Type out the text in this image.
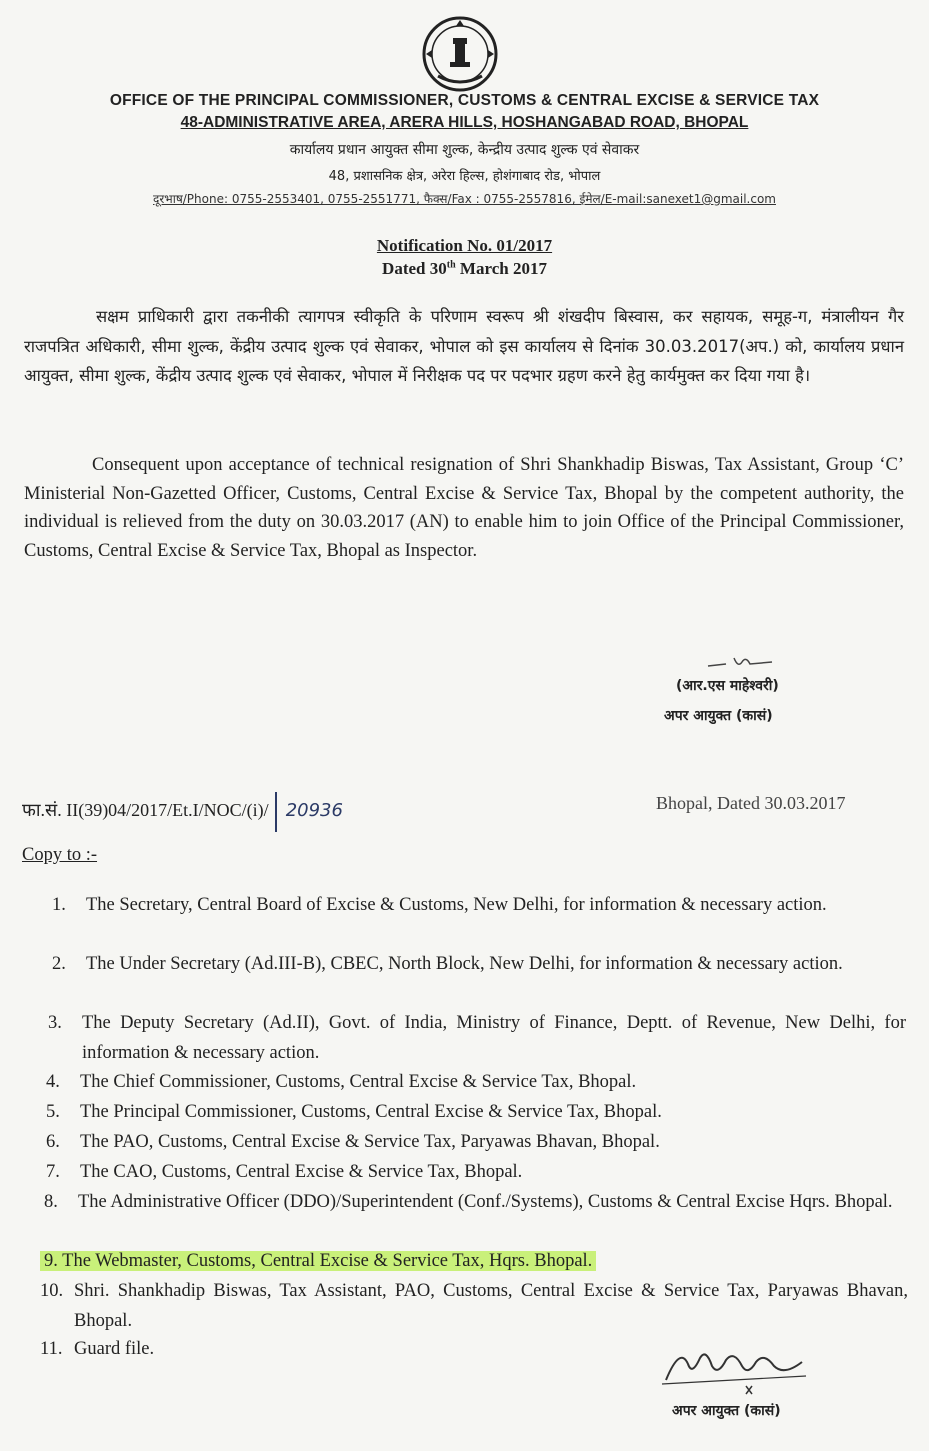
OFFICE OF THE PRINCIPAL COMMISSIONER, CUSTOMS & CENTRAL EXCISE & SERVICE TAX
48-ADMINISTRATIVE AREA, ARERA HILLS, HOSHANGABAD ROAD, BHOPAL
कार्यालय प्रधान आयुक्त सीमा शुल्क, केन्द्रीय उत्पाद शुल्क एवं सेवाकर
48, प्रशासनिक क्षेत्र, अरेरा हिल्स, होशंगाबाद रोड, भोपाल
दूरभाष/Phone: 0755-2553401, 0755-2551771, फैक्स/Fax : 0755-2557816, ईमेल/E-mail:sanexet1@gmail.com
Notification No. 01/2017
Dated 30th March 2017
सक्षम प्राधिकारी द्वारा तकनीकी त्यागपत्र स्वीकृति के परिणाम स्वरूप श्री शंखदीप बिस्वास, कर सहायक, समूह-ग, मंत्रालीयन गैर राजपत्रित अधिकारी, सीमा शुल्क, केंद्रीय उत्पाद शुल्क एवं सेवाकर, भोपाल को इस कार्यालय से दिनांक 30.03.2017(अप.) को, कार्यालय प्रधान आयुक्त, सीमा शुल्क, केंद्रीय उत्पाद शुल्क एवं सेवाकर, भोपाल में निरीक्षक पद पर पदभार ग्रहण करने हेतु कार्यमुक्त कर दिया गया है।
Consequent upon acceptance of technical resignation of Shri Shankhadip Biswas, Tax Assistant, Group ‘C’ Ministerial Non-Gazetted Officer, Customs, Central Excise & Service Tax, Bhopal by the competent authority, the individual is relieved from the duty on 30.03.2017 (AN) to enable him to join Office of the Principal Commissioner, Customs, Central Excise & Service Tax, Bhopal as Inspector.
(आर.एस माहेश्वरी)
अपर आयुक्त (कासं)
फा.सं. II(39)04/2017/Et.I/NOC/(i)/ 20936	Bhopal, Dated 30.03.2017
Copy to :-
1.	The Secretary, Central Board of Excise & Customs, New Delhi, for information & necessary action.
2.	The Under Secretary (Ad.III-B), CBEC, North Block, New Delhi, for information & necessary action.
3.	The Deputy Secretary (Ad.II), Govt. of India, Ministry of Finance, Deptt. of Revenue, New Delhi, for information & necessary action.
4.	The Chief Commissioner, Customs, Central Excise & Service Tax, Bhopal.
5.	The Principal Commissioner, Customs, Central Excise & Service Tax, Bhopal.
6.	The PAO, Customs, Central Excise & Service Tax, Paryawas Bhavan, Bhopal.
7.	The CAO, Customs, Central Excise & Service Tax, Bhopal.
8.	The Administrative Officer (DDO)/Superintendent (Conf./Systems), Customs & Central Excise Hqrs. Bhopal.
9. The Webmaster, Customs, Central Excise & Service Tax, Hqrs. Bhopal.
10. Shri. Shankhadip Biswas, Tax Assistant, PAO, Customs, Central Excise & Service Tax, Paryawas Bhavan, Bhopal.
11. Guard file.
अपर आयुक्त (कासं)
